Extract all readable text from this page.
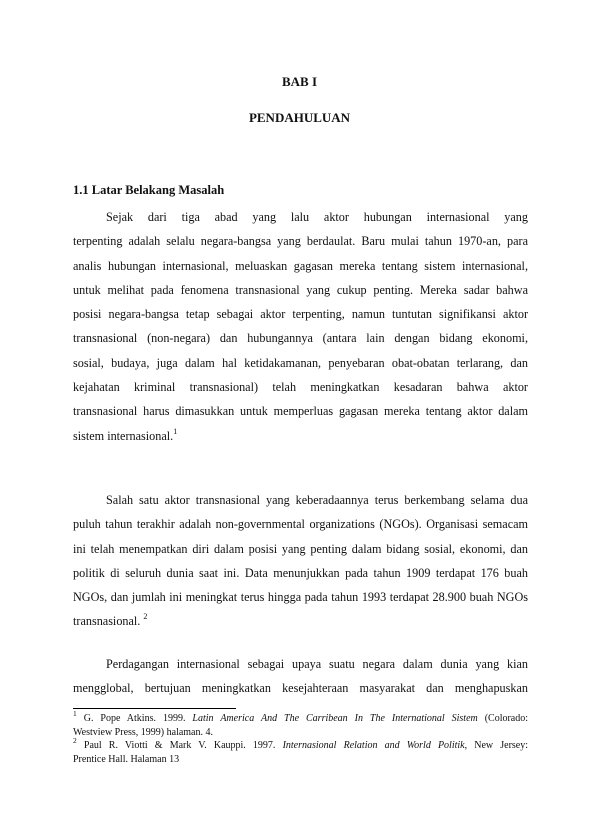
BAB I
PENDAHULUAN
1.1 Latar Belakang Masalah
Sejak dari tiga abad yang lalu aktor hubungan internasional yang
terpenting adalah selalu negara-bangsa yang berdaulat. Baru mulai tahun 1970-an, para
analis hubungan internasional, meluaskan gagasan mereka tentang sistem internasional,
untuk melihat pada fenomena transnasional yang cukup penting. Mereka sadar bahwa
posisi negara-bangsa tetap sebagai aktor terpenting, namun tuntutan signifikansi aktor
transnasional (non-negara) dan hubungannya (antara lain dengan bidang ekonomi,
sosial, budaya, juga dalam hal ketidakamanan, penyebaran obat-obatan terlarang, dan
kejahatan kriminal transnasional) telah meningkatkan kesadaran bahwa aktor
transnasional harus dimasukkan untuk memperluas gagasan mereka tentang aktor dalam
sistem internasional.$^1$
Salah satu aktor transnasional yang keberadaannya terus berkembang selama dua
puluh tahun terakhir adalah non-governmental organizations (NGOs). Organisasi semacam
ini telah menempatkan diri dalam posisi yang penting dalam bidang sosial, ekonomi, dan
politik di seluruh dunia saat ini. Data menunjukkan pada tahun 1909 terdapat 176 buah
NGOs, dan jumlah ini meningkat terus hingga pada tahun 1993 terdapat 28.900 buah NGOs
transnasional. $^2$
Perdagangan internasional sebagai upaya suatu negara dalam dunia yang kian
mengglobal, bertujuan meningkatkan kesejahteraan masyarakat dan menghapuskan
$^1$ G. Pope Atkins. 1999. Latin America And The Carribean In The International Sistem (Colorado:
Westview Press, 1999) halaman. 4.
$^2$ Paul R. Viotti & Mark V. Kauppi. 1997. Internasional Relation and World Politik, New Jersey:
Prentice Hall. Halaman 13
